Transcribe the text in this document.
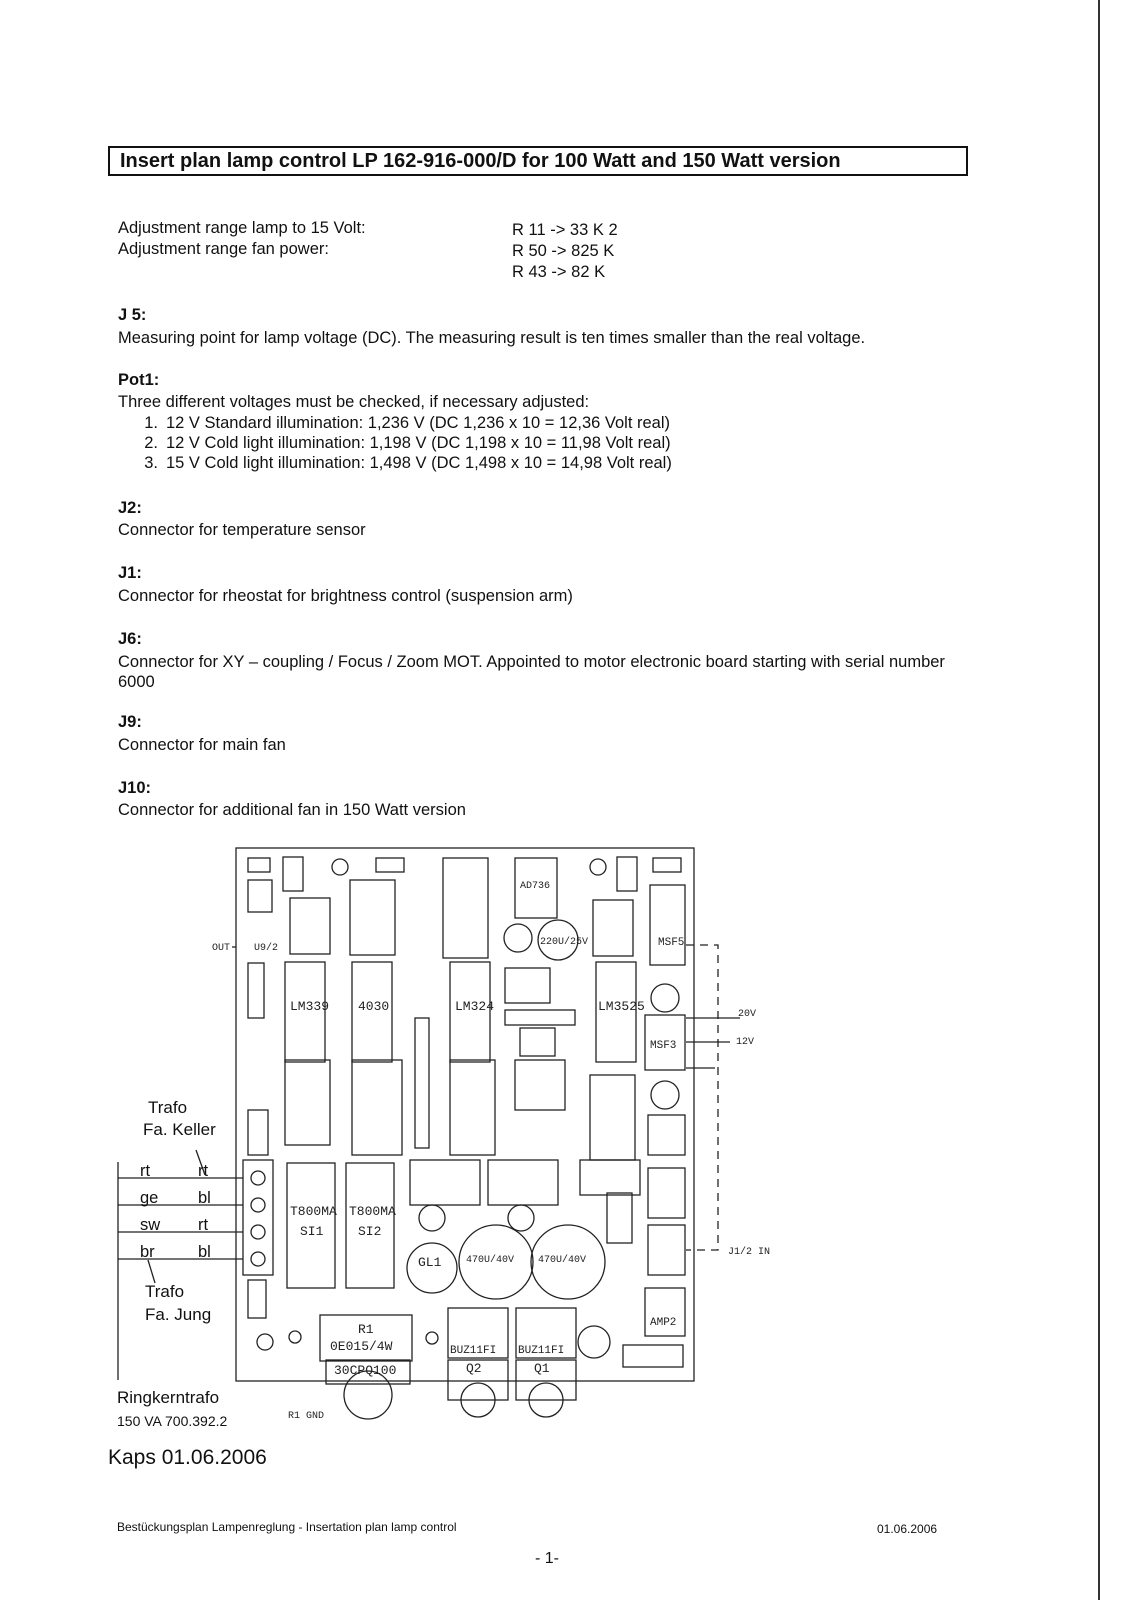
Insert plan lamp control LP 162-916-000/D for 100 Watt and 150 Watt version
Adjustment range lamp to 15 Volt:	R 11 -> 33 K 2
Adjustment range fan power:	R 50 -> 825 K
R 43 -> 82 K
J 5:
Measuring point for lamp voltage (DC). The measuring result is ten times smaller than the real voltage.
Pot1:
Three different voltages must be checked, if necessary adjusted:
1. 12 V Standard illumination: 1,236 V (DC 1,236 x 10 = 12,36 Volt real)
2. 12 V Cold light illumination: 1,198 V (DC 1,198 x 10 = 11,98 Volt real)
3. 15 V Cold light illumination: 1,498 V (DC 1,498 x 10 = 14,98 Volt real)
J2:
Connector for temperature sensor
J1:
Connector for rheostat for brightness control (suspension arm)
J6:
Connector for XY – coupling / Focus / Zoom MOT. Appointed to motor electronic board starting with serial number 6000
J9:
Connector for main fan
J10:
Connector for additional fan in 150 Watt version
OUT U9/2
20V
12V
J1/2 IN
R1 GND
AD736
220U/25V
LM339 4030	LM324	LM3525
T800MA
SI1
T800MA
SI2
R1
0E015/4W
30CPQ100
BUZ11FI
Q2
BUZ11FI
Q1
470U/40V 470U/40V
GL1
AMP2
MSF5
MSF3
Trafo
Fa. Keller
rt	rt
ge bl
sw rt
br	bl
Trafo
Fa. Jung
Ringkerntrafo
150 VA 700.392.2
Kaps 01.06.2006
Bestückungsplan Lampenreglung - Insertation plan lamp control	01.06.2006
- 1-
